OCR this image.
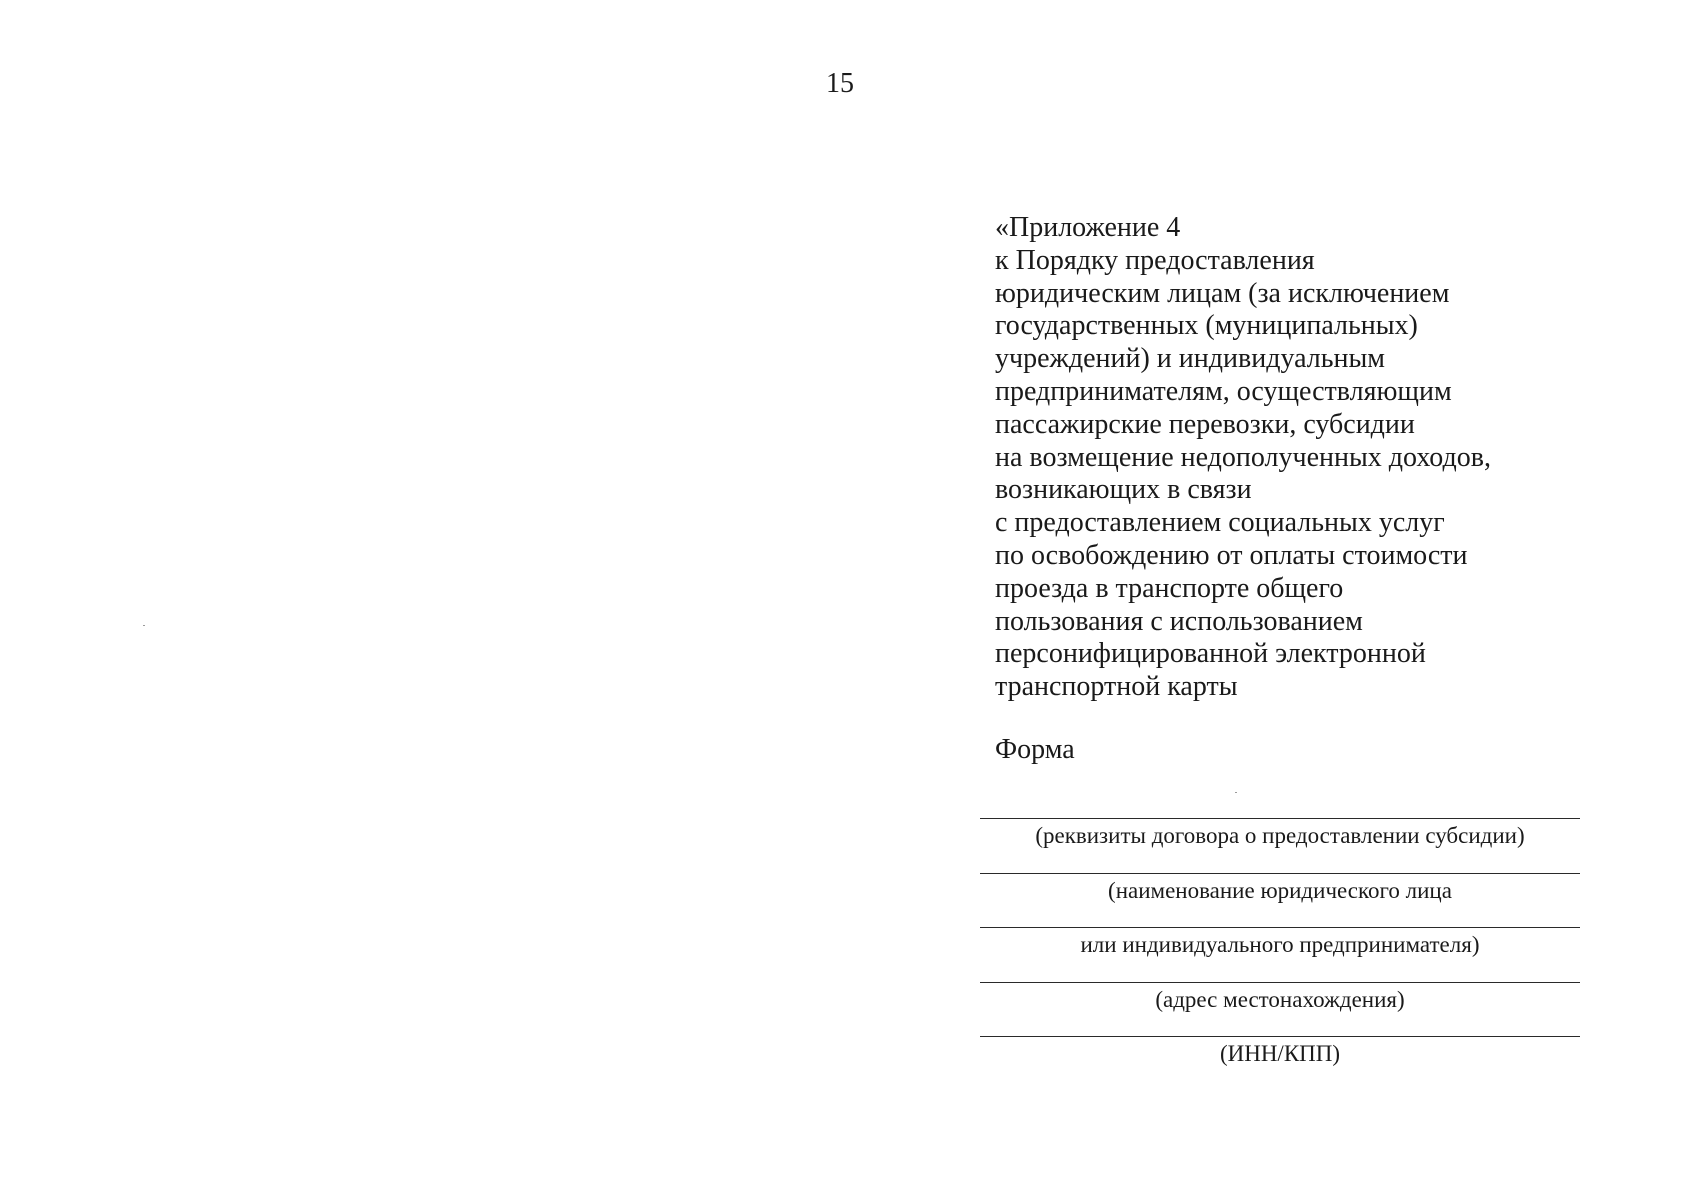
15
«Приложение 4
к Порядку предоставления
юридическим лицам (за исключением
государственных (муниципальных)
учреждений) и индивидуальным
предпринимателям, осуществляющим
пассажирские перевозки, субсидии
на возмещение недополученных доходов,
возникающих в связи
с предоставлением социальных услуг
по освобождению от оплаты стоимости
проезда в транспорте общего
пользования с использованием
персонифицированной электронной
транспортной карты
Форма
(реквизиты договора о предоставлении субсидии)
(наименование юридического лица
или индивидуального предпринимателя)
(адрес местонахождения)
(ИНН/КПП)
